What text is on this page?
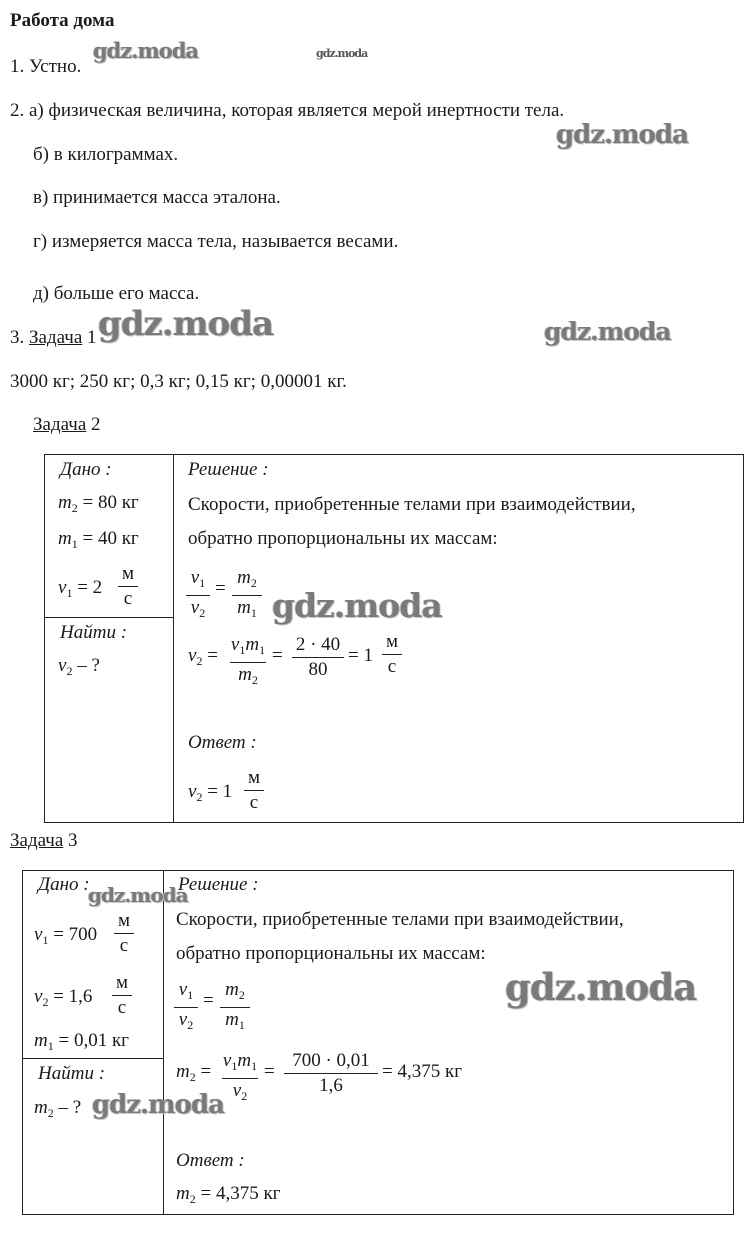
Работа дома
1. Устно.
2. а) физическая величина, которая является мерой инертности тела.
б) в килограммах.
в) принимается масса эталона.
г) измеряется масса тела, называется весами.
д) больше его масса.
3. Задача 1
3000 кг; 250 кг; 0,3 кг; 0,15 кг; 0,00001 кг.
Задача 2
Дано :
$m_2 = 80$ кг
$m_1 = 40$ кг
$v_1 = 2$
м
с
Найти :
$v_2$ – ?
Решение :
Скорости, приобретенные телами при взаимодействии,
обратно пропорциональны их массам:
$v_1$
$v_2$
=
$m_2$
$m_1$
$v_2$ =
$v_1m_1$
$m_2$
=
2 · 40
80
= 1
м
с
Ответ :
$v_2 = 1$
м
с
Задача 3
Дано :
$v_1 = 700$
м
с
$v_2 = 1,6$
м
с
$m_1 = 0,01$ кг
Найти :
$m_2$ – ?
Решение :
Скорости, приобретенные телами при взаимодействии,
обратно пропорциональны их массам:
$v_1$
$v_2$
=
$m_2$
$m_1$
$m_2$ =
$v_1m_1$
$v_2$
=
700 · 0,01
1,6
= 4,375 кг
Ответ :
$m_2 = 4,375$ кг
gdz.moda	gdz.moda
gdz.moda
gdz.moda	gdz.moda
gdz.moda
gdz.moda
gdz.moda
gdz.moda
